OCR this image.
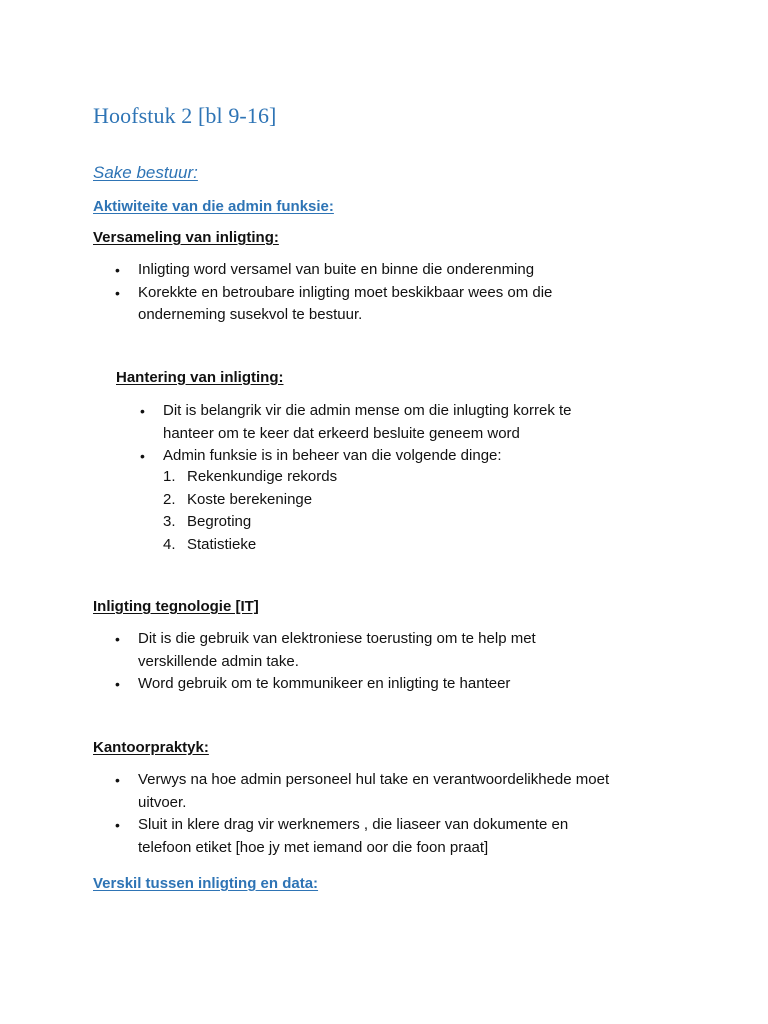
Hoofstuk 2 [bl 9-16]
Sake bestuur:
Aktiwiteite van die admin funksie:
Versameling van inligting:
• Inligting word versamel van buite en binne die onderenming
• Korekkte en betroubare inligting moet beskikbaar wees om die
onderneming susekvol te bestuur.
Hantering van inligting:
• Dit is belangrik vir die admin mense om die inlugting korrek te
hanteer om te keer dat erkeerd besluite geneem word
• Admin funksie is in beheer van die volgende dinge:
1. Rekenkundige rekords
2. Koste berekeninge
3. Begroting
4. Statistieke
Inligting tegnologie [IT]
• Dit is die gebruik van elektroniese toerusting om te help met
verskillende admin take.
• Word gebruik om te kommunikeer en inligting te hanteer
Kantoorpraktyk:
• Verwys na hoe admin personeel hul take en verantwoordelikhede moet
uitvoer.
• Sluit in klere drag vir werknemers , die liaseer van dokumente en
telefoon etiket [hoe jy met iemand oor die foon praat]
Verskil tussen inligting en data:
